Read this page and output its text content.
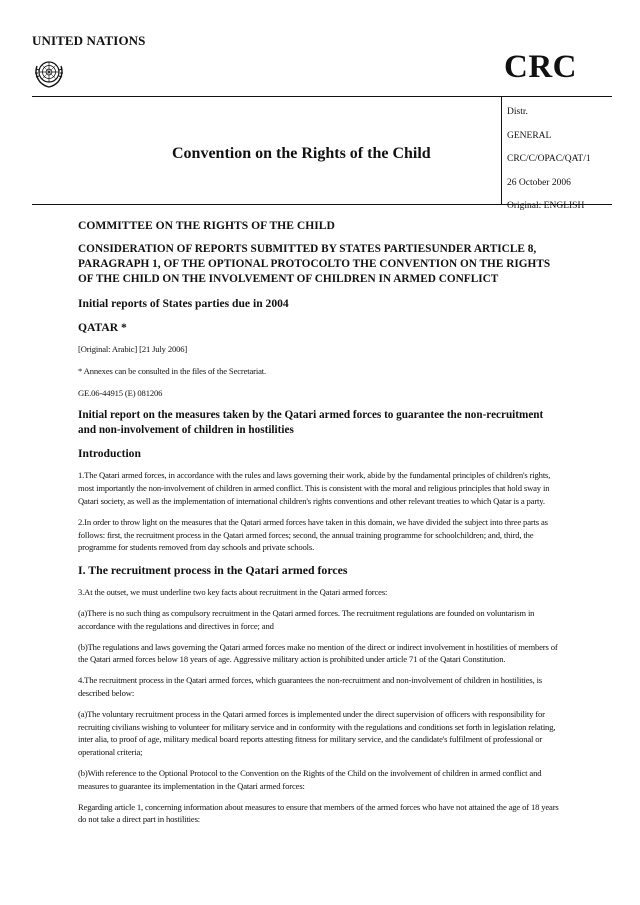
UNITED NATIONS
CRC
Convention on the Rights of the Child
Distr.
GENERAL
CRC/C/OPAC/QAT/1
26 October 2006
Original: ENGLISH

COMMITTEE ON THE RIGHTS OF THE CHILD

CONSIDERATION OF REPORTS SUBMITTED BY STATES PARTIESUNDER ARTICLE 8, PARAGRAPH 1, OF THE OPTIONAL PROTOCOLTO THE CONVENTION ON THE RIGHTS OF THE CHILD ON THE INVOLVEMENT OF CHILDREN IN ARMED CONFLICT

Initial reports of States parties due in 2004

QATAR *

[Original: Arabic] [21 July 2006]

* Annexes can be consulted in the files of the Secretariat.

GE.06-44915 (E) 081206

Initial report on the measures taken by the Qatari armed forces to guarantee the non-recruitment and non-involvement of children in hostilities

Introduction

1.The Qatari armed forces, in accordance with the rules and laws governing their work, abide by the fundamental principles of children's rights, most importantly the non-involvement of children in armed conflict. This is consistent with the moral and religious principles that hold sway in Qatari society, as well as the implementation of international children's rights conventions and other relevant treaties to which Qatar is a party.

2.In order to throw light on the measures that the Qatari armed forces have taken in this domain, we have divided the subject into three parts as follows: first, the recruitment process in the Qatari armed forces; second, the annual training programme for schoolchildren; and, third, the programme for students removed from day schools and private schools.

I. The recruitment process in the Qatari armed forces

3.At the outset, we must underline two key facts about recruitment in the Qatari armed forces:

(a)There is no such thing as compulsory recruitment in the Qatari armed forces. The recruitment regulations are founded on voluntarism in accordance with the regulations and directives in force; and

(b)The regulations and laws governing the Qatari armed forces make no mention of the direct or indirect involvement in hostilities of members of the Qatari armed forces below 18 years of age. Aggressive military action is prohibited under article 71 of the Qatari Constitution.

4.The recruitment process in the Qatari armed forces, which guarantees the non-recruitment and non-involvement of children in hostilities, is described below:

(a)The voluntary recruitment process in the Qatari armed forces is implemented under the direct supervision of officers with responsibility for recruiting civilians wishing to volunteer for military service and in conformity with the regulations and conditions set forth in legislation relating, inter alia, to proof of age, military medical board reports attesting fitness for military service, and the candidate's fulfilment of professional or operational criteria;

(b)With reference to the Optional Protocol to the Convention on the Rights of the Child on the involvement of children in armed conflict and measures to guarantee its implementation in the Qatari armed forces:

Regarding article 1, concerning information about measures to ensure that members of the armed forces who have not attained the age of 18 years do not take a direct part in hostilities:
